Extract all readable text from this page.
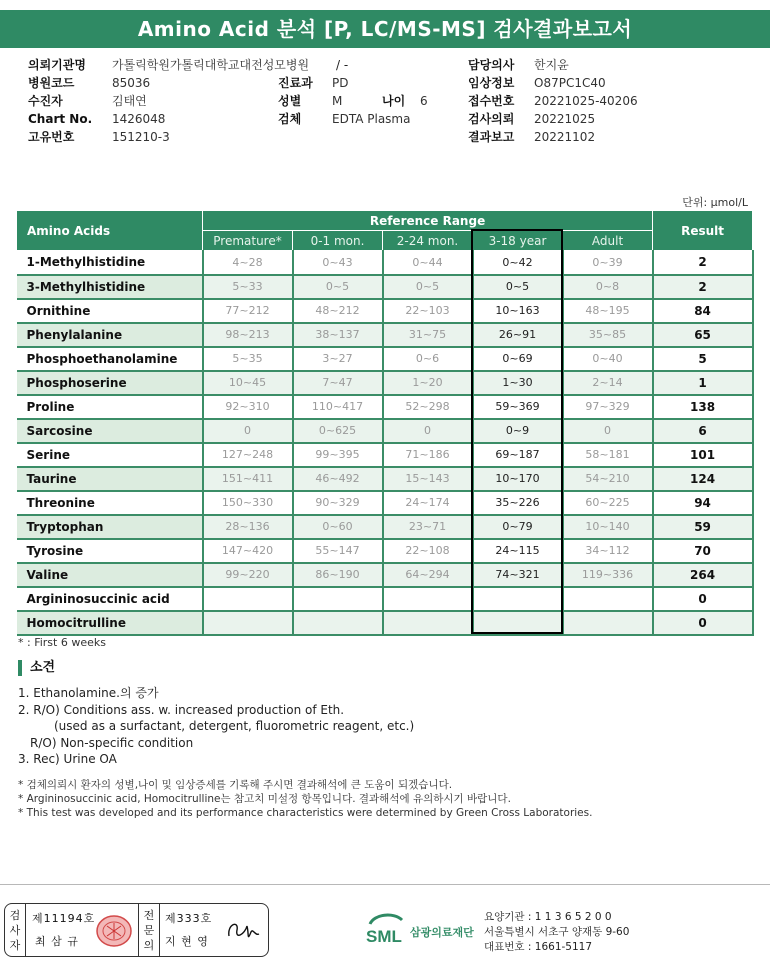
Amino Acid 분석 [P, LC/MS-MS] 검사결과보고서
의뢰기관명 가톨릭학원가톨릭대학교대전성모병원
병원코드	85036
수진자	김태연
Chart No. 1426048
고유번호	151210-3
/ -
진료과 PD
성별	M
검체	EDTA Plasma
나이 6
담당의사 한지윤
임상정보 O87PC1C40
접수번호 20221025-40206
검사의뢰 20221025
결과보고 20221102
단위: μmol/L
Amino Acids	Reference Range					Result
	Premature*	0-1 mon.	2-24 mon.	3-18 year	Adult	
1-Methylhistidine	4~28	0~43	0~44	0~42	0~39	2
3-Methylhistidine	5~33	0~5	0~5	0~5	0~8	2
Ornithine	77~212	48~212	22~103	10~163	48~195	84
Phenylalanine	98~213	38~137	31~75	26~91	35~85	65
Phosphoethanolamine	5~35	3~27	0~6	0~69	0~40	5
Phosphoserine	10~45	7~47	1~20	1~30	2~14	1
Proline	92~310	110~417	52~298	59~369	97~329	138
Sarcosine	0	0~625	0	0~9	0	6
Serine	127~248	99~395	71~186	69~187	58~181	101
Taurine	151~411	46~492	15~143	10~170	54~210	124
Threonine	150~330	90~329	24~174	35~226	60~225	94
Tryptophan	28~136	0~60	23~71	0~79	10~140	59
Tyrosine	147~420	55~147	22~108	24~115	34~112	70
Valine	99~220	86~190	64~294	74~321	119~336	264
Argininosuccinic acid						0
Homocitrulline						0
* : First 6 weeks
소견
1. Ethanolamine.의 증가
2. R/O) Conditions ass. w. increased production of Eth.
(used as a surfactant, detergent, fluorometric reagent, etc.)
R/O) Non-specific condition
3. Rec) Urine OA
* 검체의뢰시 환자의 성별,나이 및 임상증세를 기록해 주시면 결과해석에 큰 도움이 되겠습니다.
* Argininosuccinic acid, Homocitrulline는 참고치 미설정 항목입니다. 결과해석에 유의하시기 바랍니다.
* This test was developed and its performance characteristics were determined by Green Cross Laboratories.
검사자
제11194호
최 삼 규
전문의
제333호
지 현 영	SML 삼광의료재단
요양기관 : 1 1 3 6 5 2 0 0
서울특별시 서초구 양재동 9-60
대표번호 : 1661-5117
